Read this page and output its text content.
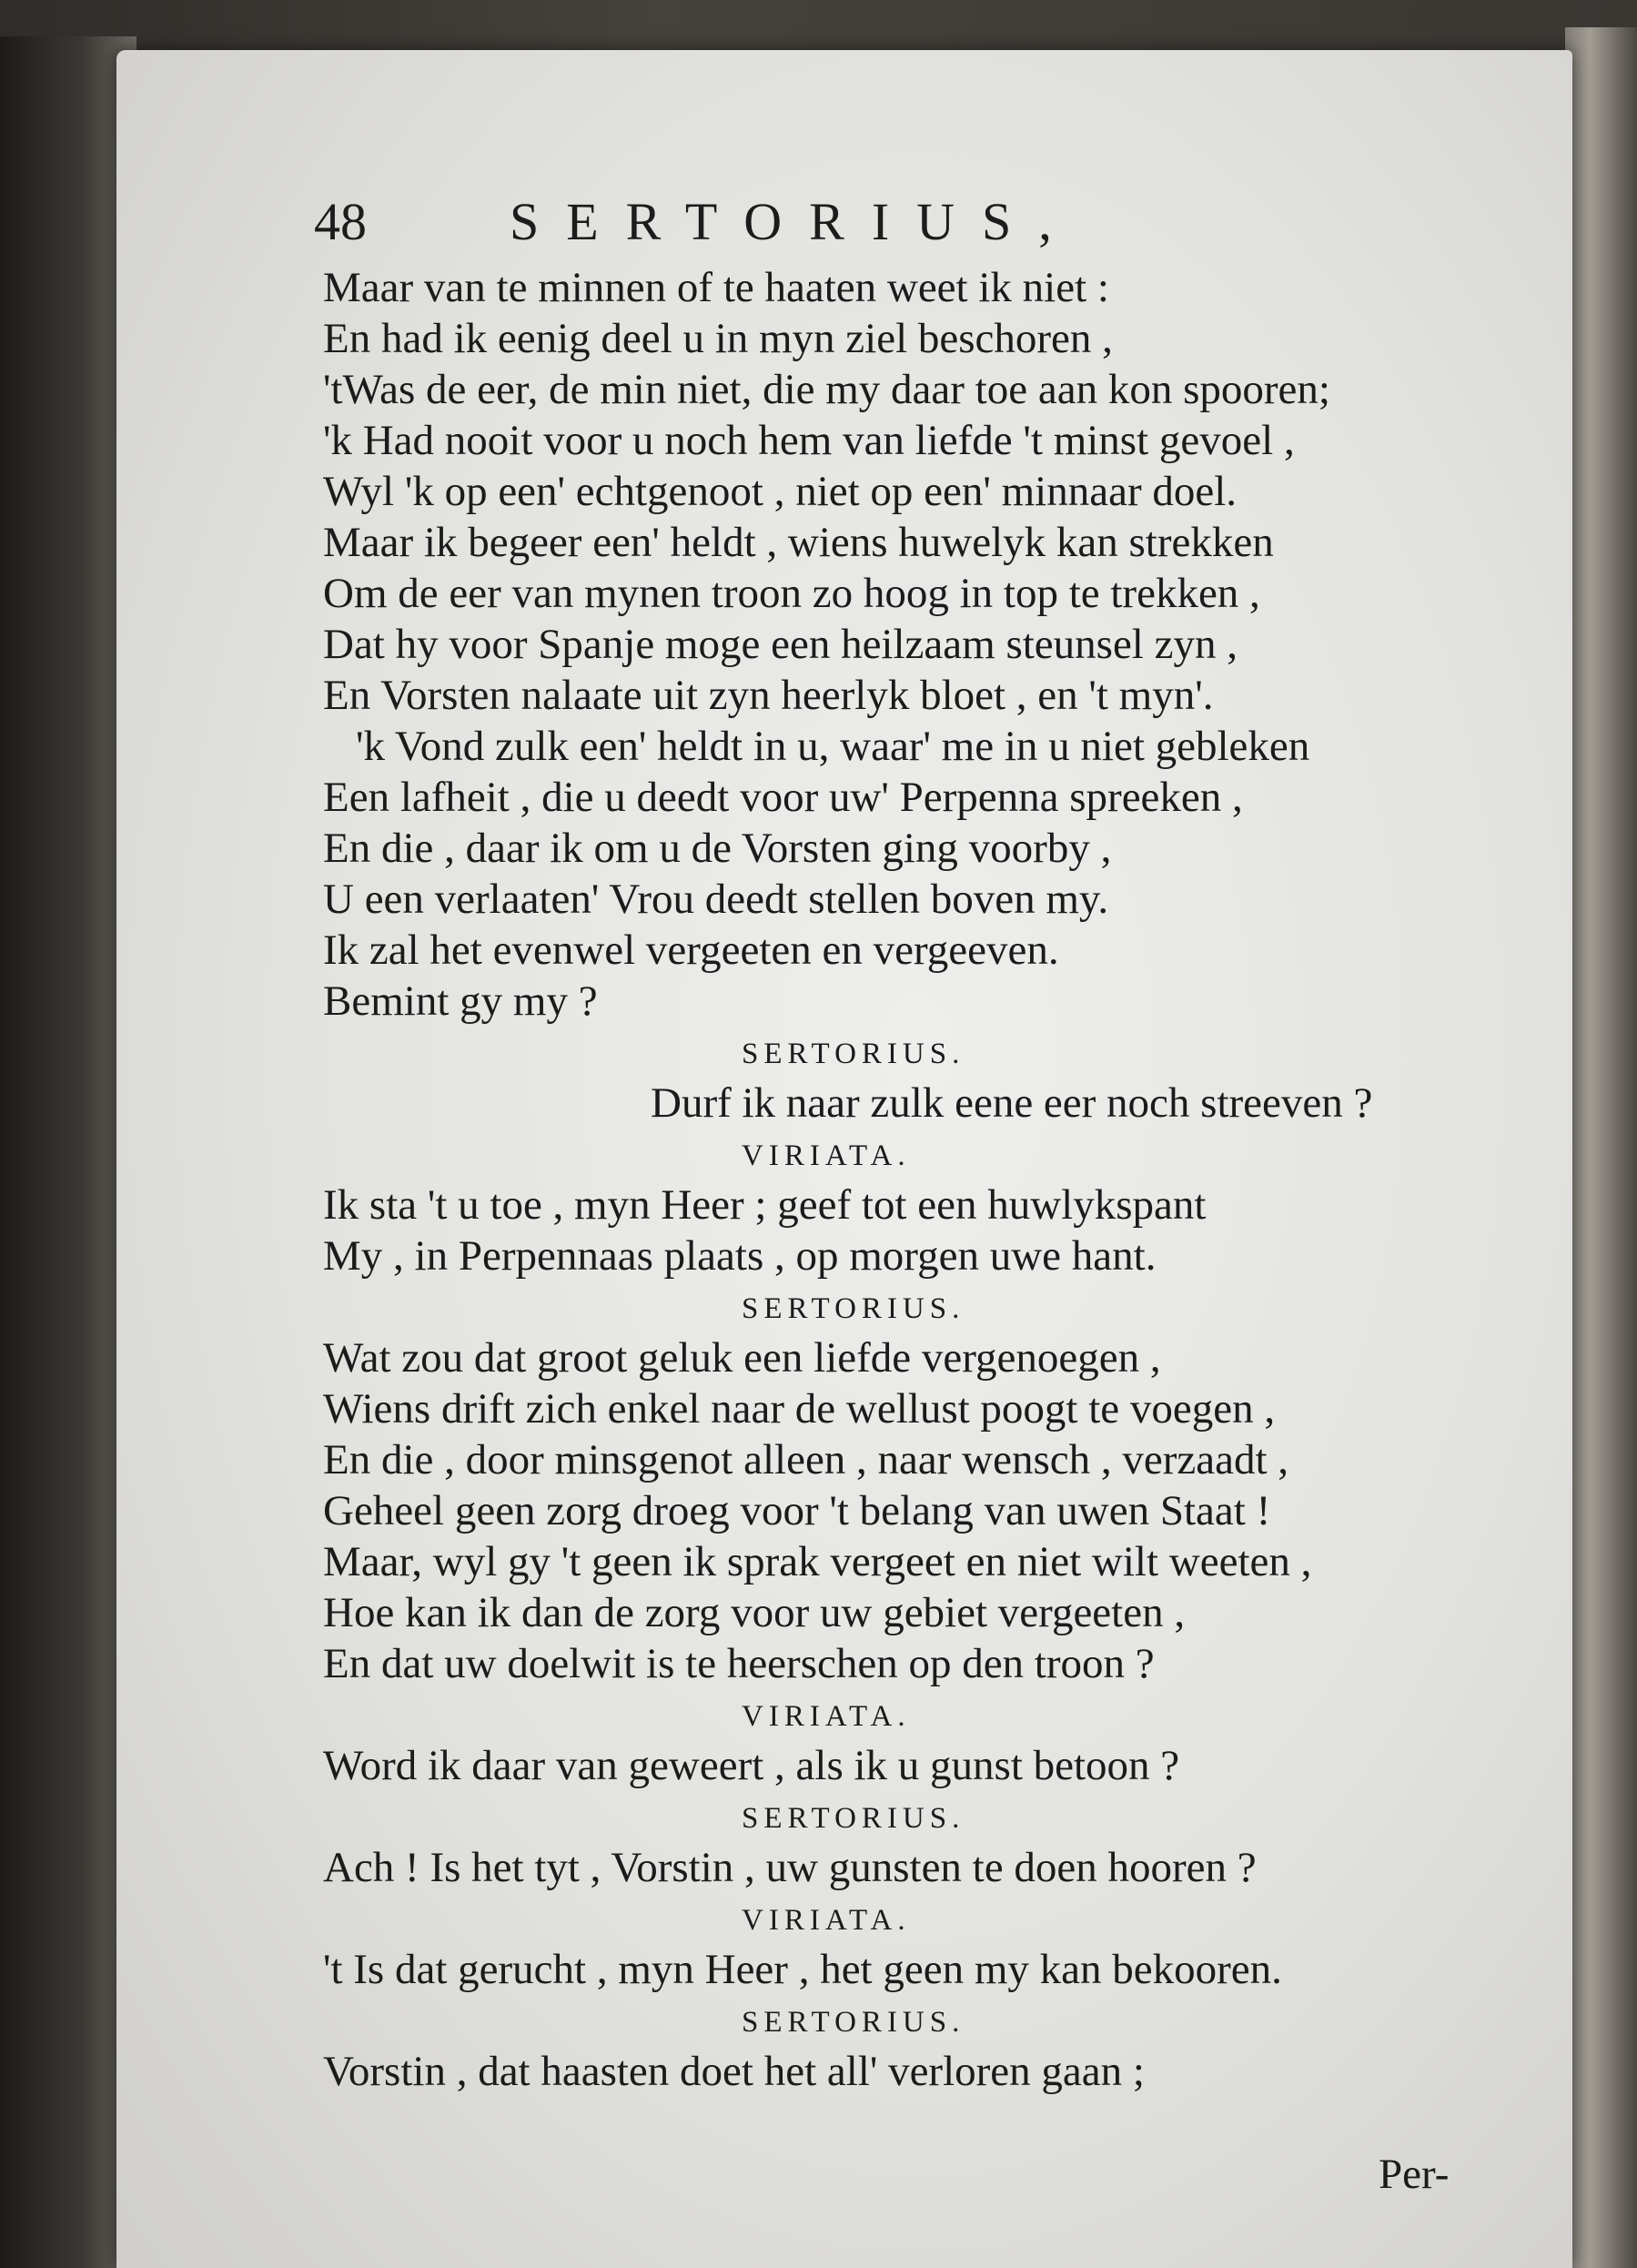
48	SERTORIUS,
Maar van te minnen of te haaten weet ik niet :
En had ik eenig deel u in myn ziel beschoren ,
'tWas de eer, de min niet, die my daar toe aan kon spooren;
'k Had nooit voor u noch hem van liefde 't minst gevoel ,
Wyl 'k op een' echtgenoot , niet op een' minnaar doel.
Maar ik begeer een' heldt , wiens huwelyk kan strekken
Om de eer van mynen troon zo hoog in top te trekken ,
Dat hy voor Spanje moge een heilzaam steunsel zyn ,
En Vorsten nalaate uit zyn heerlyk bloet , en 't myn'.
'k Vond zulk een' heldt in u, waar' me in u niet gebleken
Een lafheit , die u deedt voor uw' Perpenna spreeken ,
En die , daar ik om u de Vorsten ging voorby ,
U een verlaaten' Vrou deedt stellen boven my.
Ik zal het evenwel vergeeten en vergeeven.
Bemint gy my ?
SERTORIUS.
Durf ik naar zulk eene eer noch streeven ?
VIRIATA.
Ik sta 't u toe , myn Heer ; geef tot een huwlykspant
My , in Perpennaas plaats , op morgen uwe hant.
SERTORIUS.
Wat zou dat groot geluk een liefde vergenoegen ,
Wiens drift zich enkel naar de wellust poogt te voegen ,
En die , door minsgenot alleen , naar wensch , verzaadt ,
Geheel geen zorg droeg voor 't belang van uwen Staat !
Maar, wyl gy 't geen ik sprak vergeet en niet wilt weeten ,
Hoe kan ik dan de zorg voor uw gebiet vergeeten ,
En dat uw doelwit is te heerschen op den troon ?
VIRIATA.
Word ik daar van geweert , als ik u gunst betoon ?
SERTORIUS.
Ach ! Is het tyt , Vorstin , uw gunsten te doen hooren ?
VIRIATA.
't Is dat gerucht , myn Heer , het geen my kan bekooren.
SERTORIUS.
Vorstin , dat haasten doet het all' verloren gaan ;
Per-
